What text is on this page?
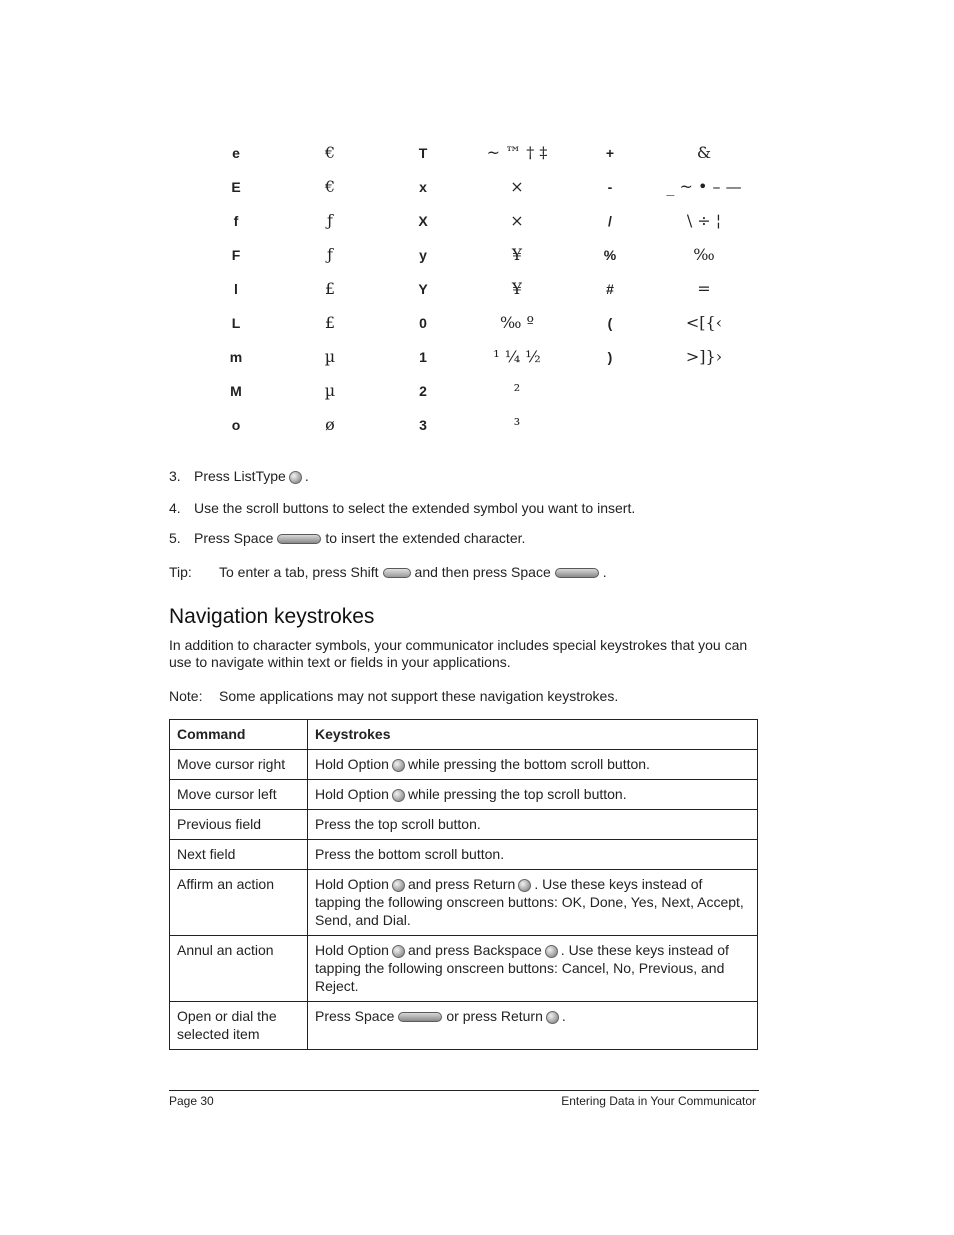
e	€	T	~ ™ † ‡	+	&
E	€	x	×	-	_ ~ • – —
f	ƒ	X	×	/	\ ÷ ¦
F	ƒ	y	¥	%	‰
l	£	Y	¥	#	=
L	£	0	‰ º	(	<[{‹
m	µ	1	¹ ¼ ½	)	>]}›
M	µ	2	²
o	ø	3	³
3. Press ListType .
4. Use the scroll buttons to select the extended symbol you want to insert.
5. Press Space	to insert the extended character.
Tip: To enter a tab, press Shift	and then press Space	.
Navigation keystrokes
In addition to character symbols, your communicator includes special keystrokes that you can use to navigate within text or fields in your applications.
Note: Some applications may not support these navigation keystrokes.
Command	Keystrokes
Move cursor right	Hold Option while pressing the bottom scroll button.
Move cursor left	Hold Option while pressing the top scroll button.
Previous field	Press the top scroll button.
Next field	Press the bottom scroll button.
Affirm an action	Hold Option and press Return . Use these keys instead of tapping the following onscreen buttons: OK, Done, Yes, Next, Accept, Send, and Dial.
Annul an action	Hold Option and press Backspace . Use these keys instead of tapping the following onscreen buttons: Cancel, No, Previous, and Reject.
Open or dial the selected item	Press Space or press Return .
Page 30	Entering Data in Your Communicator
